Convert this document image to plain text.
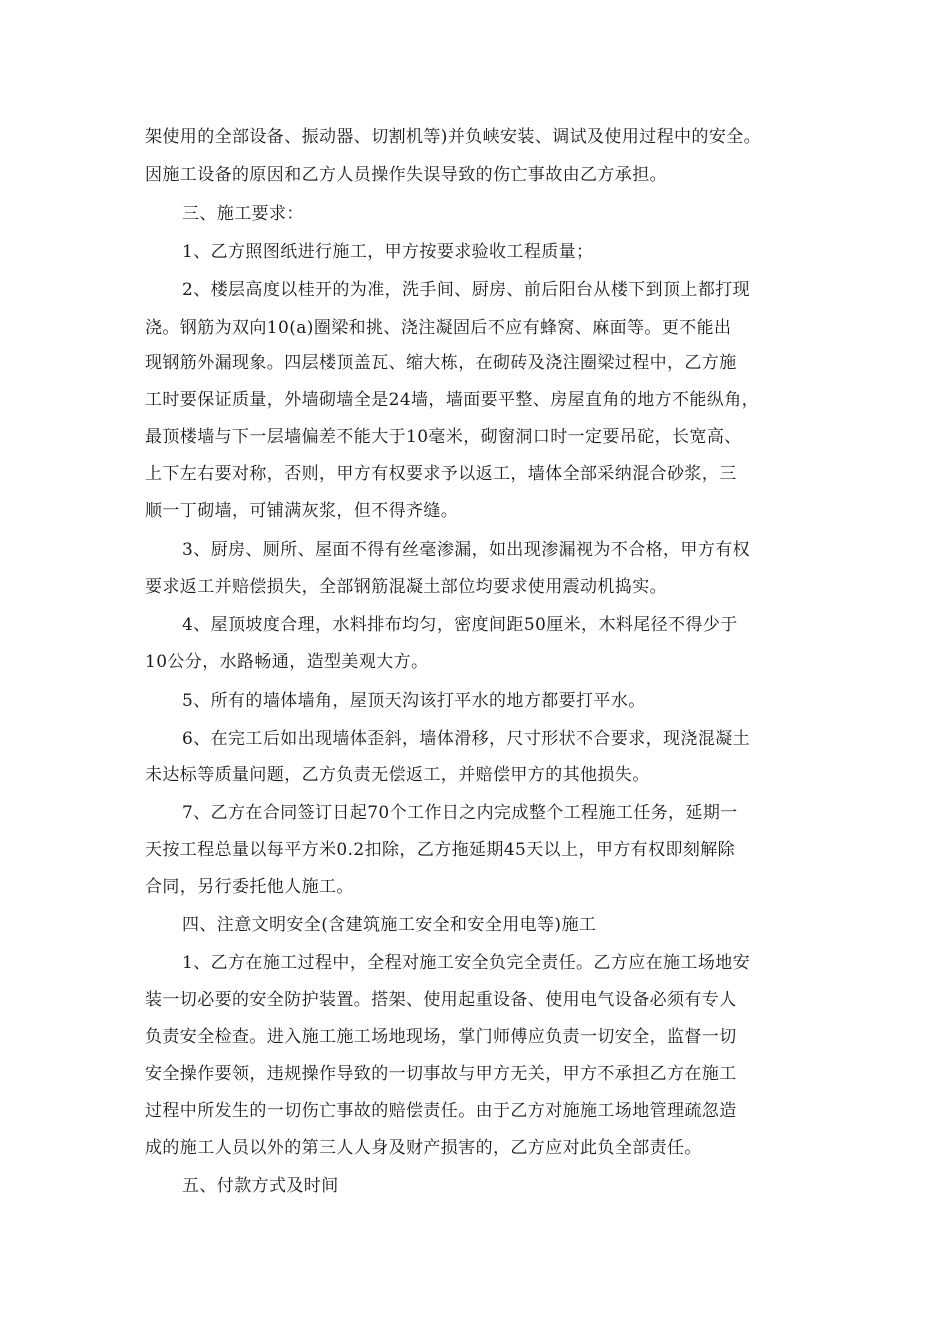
架使用的全部设备、振动器、切割机等)并负峡安装、调试及使用过程中的安全。
因施工设备的原因和乙方人员操作失误导致的伤亡事故由乙方承担。
三、施工要求：
1、乙方照图纸进行施工，甲方按要求验收工程质量；
2、楼层高度以桂开的为准，洗手间、厨房、前后阳台从楼下到顶上都打现
浇。钢筋为双向10(a)圈梁和挑、浇注凝固后不应有蜂窝、麻面等。更不能出
现钢筋外漏现象。四层楼顶盖瓦、缩大栋，在砌砖及浇注圈梁过程中，乙方施
工时要保证质量，外墙砌墙全是24墙，墙面要平整、房屋直角的地方不能纵角，
最顶楼墙与下一层墙偏差不能大于10毫米，砌窗洞口时一定要吊砣，长宽高、
上下左右要对称，否则，甲方有权要求予以返工，墙体全部采纳混合砂浆，三
顺一丁砌墙，可铺满灰浆，但不得齐缝。
3、厨房、厕所、屋面不得有丝毫渗漏，如出现渗漏视为不合格，甲方有权
要求返工并赔偿损失，全部钢筋混凝土部位均要求使用震动机捣实。
4、屋顶坡度合理，水料排布均匀，密度间距50厘米，木料尾径不得少于
10公分，水路畅通，造型美观大方。
5、所有的墙体墙角，屋顶天沟该打平水的地方都要打平水。
6、在完工后如出现墙体歪斜，墙体滑移，尺寸形状不合要求，现浇混凝土
未达标等质量问题，乙方负责无偿返工，并赔偿甲方的其他损失。
7、乙方在合同签订日起70个工作日之内完成整个工程施工任务，延期一
天按工程总量以每平方米0.2扣除，乙方拖延期45天以上，甲方有权即刻解除
合同，另行委托他人施工。
四、注意文明安全(含建筑施工安全和安全用电等)施工
1、乙方在施工过程中，全程对施工安全负完全责任。乙方应在施工场地安
装一切必要的安全防护装置。搭架、使用起重设备、使用电气设备必须有专人
负责安全检查。进入施工施工场地现场，掌门师傅应负责一切安全，监督一切
安全操作要领，违规操作导致的一切事故与甲方无关，甲方不承担乙方在施工
过程中所发生的一切伤亡事故的赔偿责任。由于乙方对施施工场地管理疏忽造
成的施工人员以外的第三人人身及财产损害的，乙方应对此负全部责任。
五、付款方式及时间
